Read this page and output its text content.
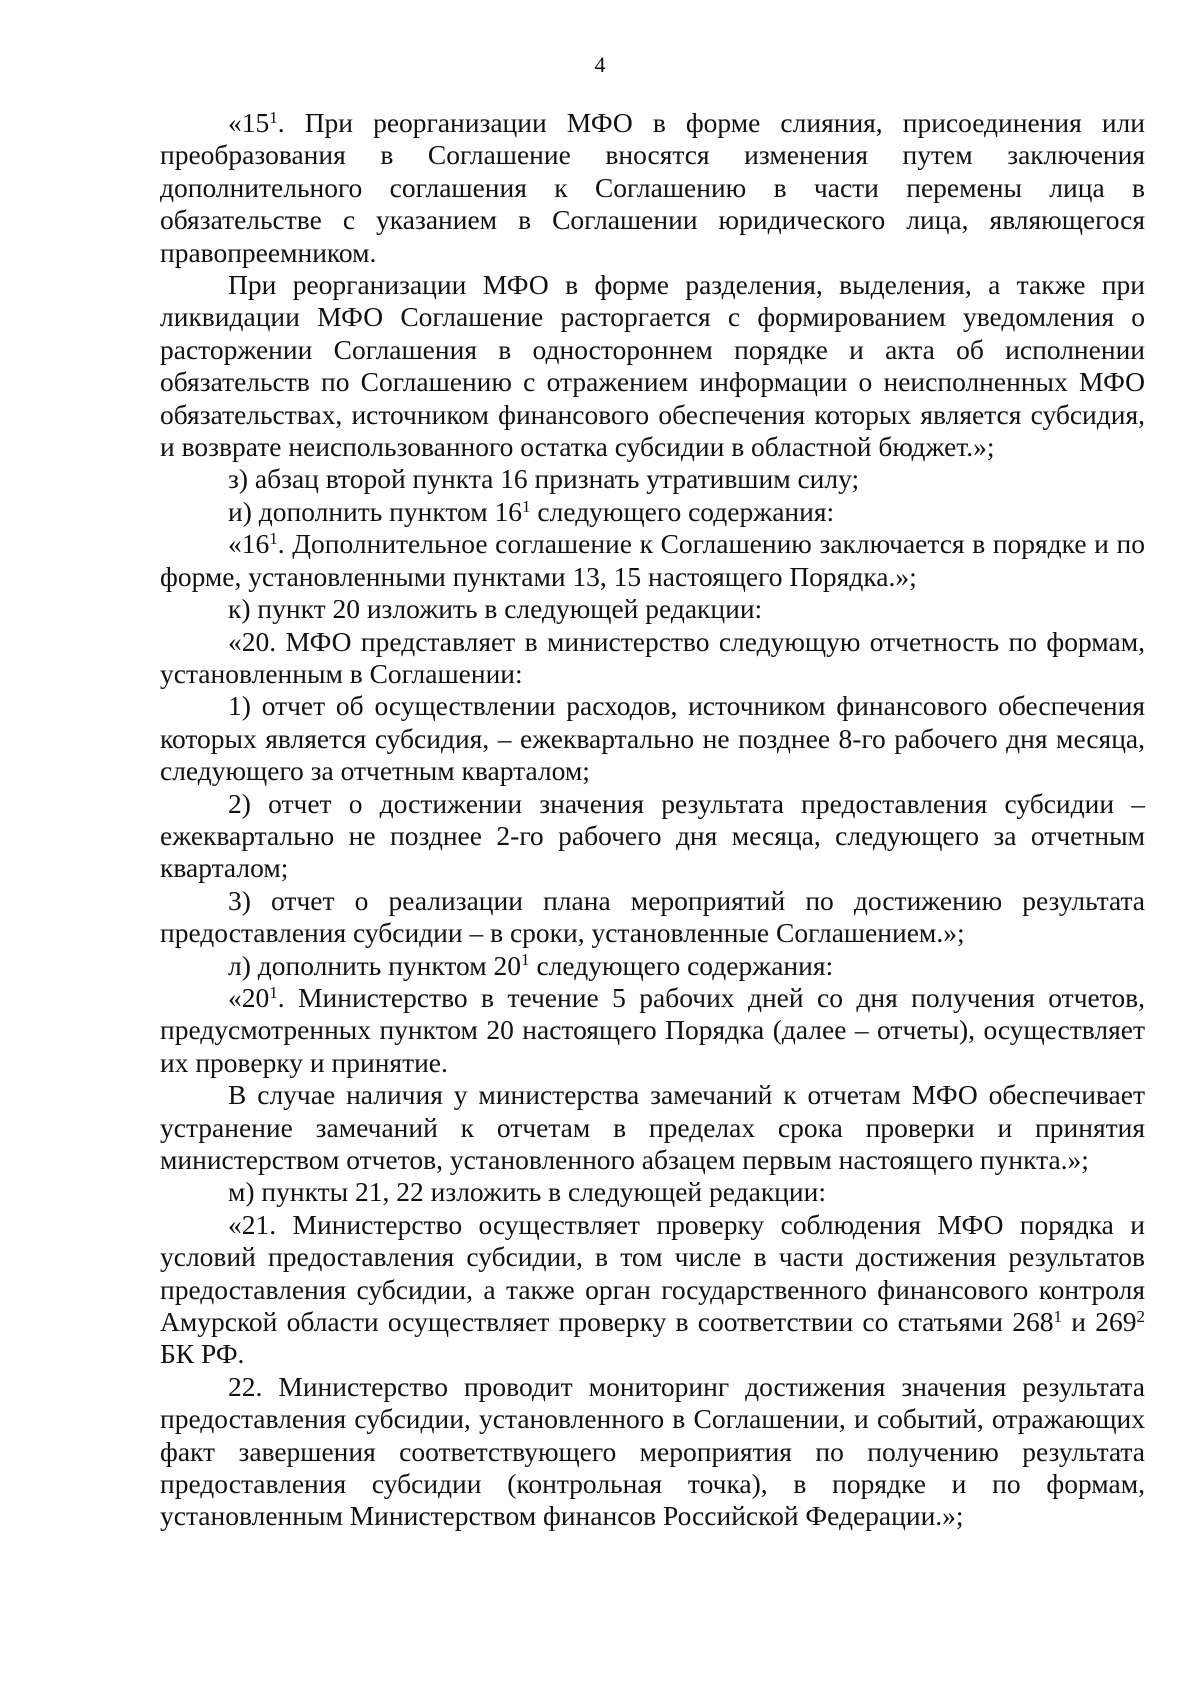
4

«$15^1$. При реорганизации МФО в форме слияния, присоединения или преобразования в Соглашение вносятся изменения путем заключения дополнительного соглашения к Соглашению в части перемены лица в обязательстве с указанием в Соглашении юридического лица, являющегося правопреемником.

При реорганизации МФО в форме разделения, выделения, а также при ликвидации МФО Соглашение расторгается с формированием уведомления о расторжении Соглашения в одностороннем порядке и акта об исполнении обязательств по Соглашению с отражением информации о неисполненных МФО обязательствах, источником финансового обеспечения которых является субсидия, и возврате неиспользованного остатка субсидии в областной бюджет.»;

з) абзац второй пункта 16 признать утратившим силу;

и) дополнить пунктом $16^1$ следующего содержания:

«$16^1$. Дополнительное соглашение к Соглашению заключается в порядке и по форме, установленными пунктами 13, 15 настоящего Порядка.»;

к) пункт 20 изложить в следующей редакции:

«20. МФО представляет в министерство следующую отчетность по формам, установленным в Соглашении:

1) отчет об осуществлении расходов, источником финансового обеспечения которых является субсидия, – ежеквартально не позднее 8-го рабочего дня месяца, следующего за отчетным кварталом;

2) отчет о достижении значения результата предоставления субсидии – ежеквартально не позднее 2-го рабочего дня месяца, следующего за отчетным кварталом;

3) отчет о реализации плана мероприятий по достижению результата предоставления субсидии – в сроки, установленные Соглашением.»;

л) дополнить пунктом $20^1$ следующего содержания:

«$20^1$. Министерство в течение 5 рабочих дней со дня получения отчетов, предусмотренных пунктом 20 настоящего Порядка (далее – отчеты), осуществляет их проверку и принятие.

В случае наличия у министерства замечаний к отчетам МФО обеспечивает устранение замечаний к отчетам в пределах срока проверки и принятия министерством отчетов, установленного абзацем первым настоящего пункта.»;

м) пункты 21, 22 изложить в следующей редакции:

«21. Министерство осуществляет проверку соблюдения МФО порядка и условий предоставления субсидии, в том числе в части достижения результатов предоставления субсидии, а также орган государственного финансового контроля Амурской области осуществляет проверку в соответствии со статьями $268^1$ и $269^2$ БК РФ.

22. Министерство проводит мониторинг достижения значения результата предоставления субсидии, установленного в Соглашении, и событий, отражающих факт завершения соответствующего мероприятия по получению результата предоставления субсидии (контрольная точка), в порядке и по формам, установленным Министерством финансов Российской Федерации.»;
